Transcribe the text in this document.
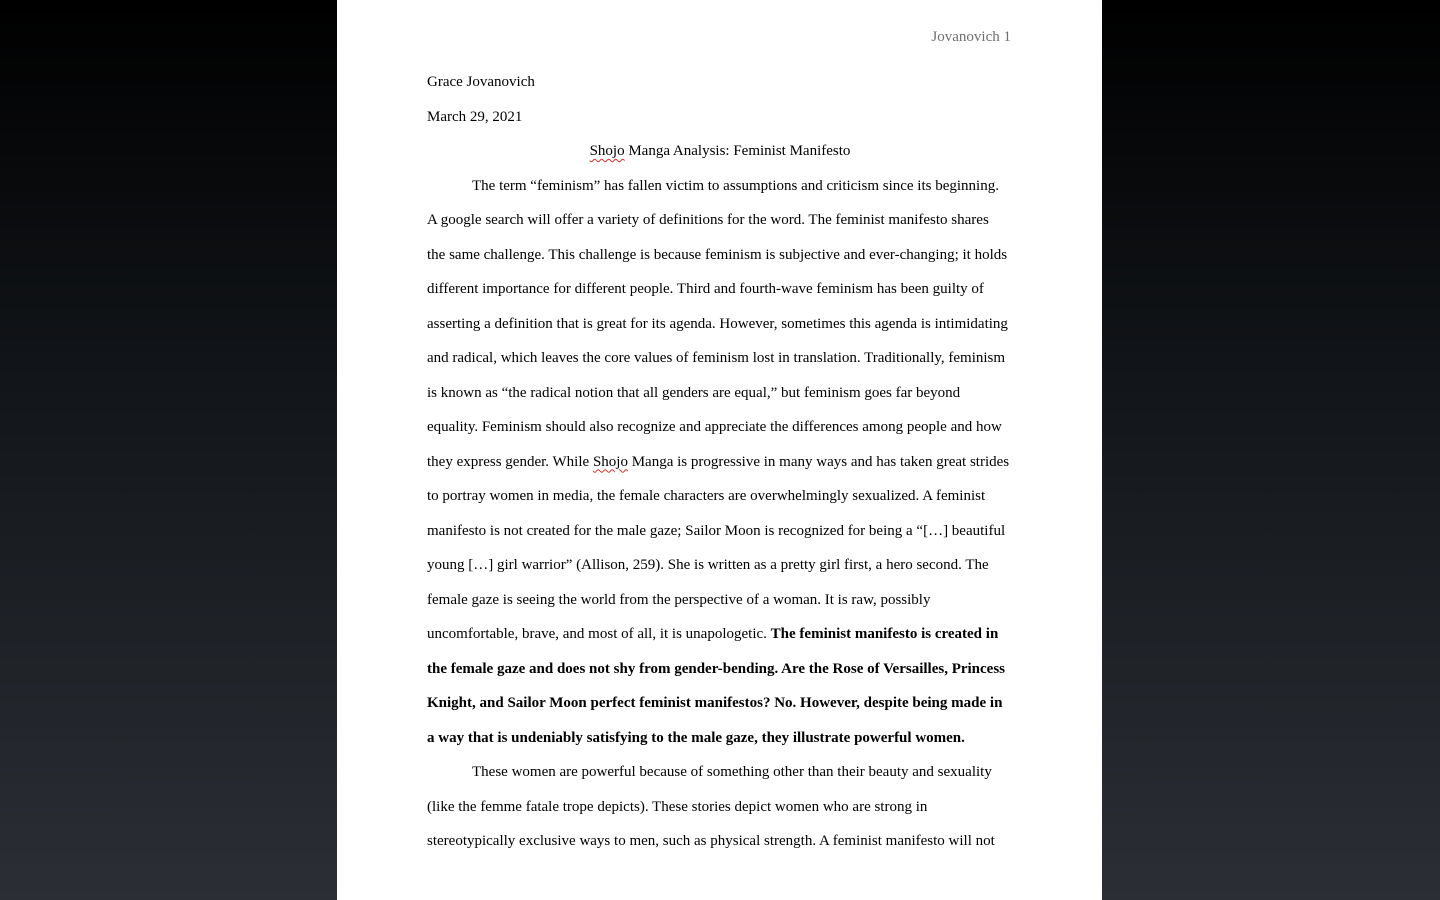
Jovanovich 1
Grace Jovanovich
March 29, 2021
Shojo Manga Analysis: Feminist Manifesto
The term “feminism” has fallen victim to assumptions and criticism since its beginning.
A google search will offer a variety of definitions for the word. The feminist manifesto shares
the same challenge. This challenge is because feminism is subjective and ever-changing; it holds
different importance for different people. Third and fourth-wave feminism has been guilty of
asserting a definition that is great for its agenda. However, sometimes this agenda is intimidating
and radical, which leaves the core values of feminism lost in translation. Traditionally, feminism
is known as “the radical notion that all genders are equal,” but feminism goes far beyond
equality. Feminism should also recognize and appreciate the differences among people and how
they express gender. While Shojo Manga is progressive in many ways and has taken great strides
to portray women in media, the female characters are overwhelmingly sexualized. A feminist
manifesto is not created for the male gaze; Sailor Moon is recognized for being a “[…] beautiful
young […] girl warrior” (Allison, 259). She is written as a pretty girl first, a hero second. The
female gaze is seeing the world from the perspective of a woman. It is raw, possibly
uncomfortable, brave, and most of all, it is unapologetic. The feminist manifesto is created in
the female gaze and does not shy from gender-bending. Are the Rose of Versailles, Princess
Knight, and Sailor Moon perfect feminist manifestos? No. However, despite being made in
a way that is undeniably satisfying to the male gaze, they illustrate powerful women.
These women are powerful because of something other than their beauty and sexuality
(like the femme fatale trope depicts). These stories depict women who are strong in
stereotypically exclusive ways to men, such as physical strength. A feminist manifesto will not
